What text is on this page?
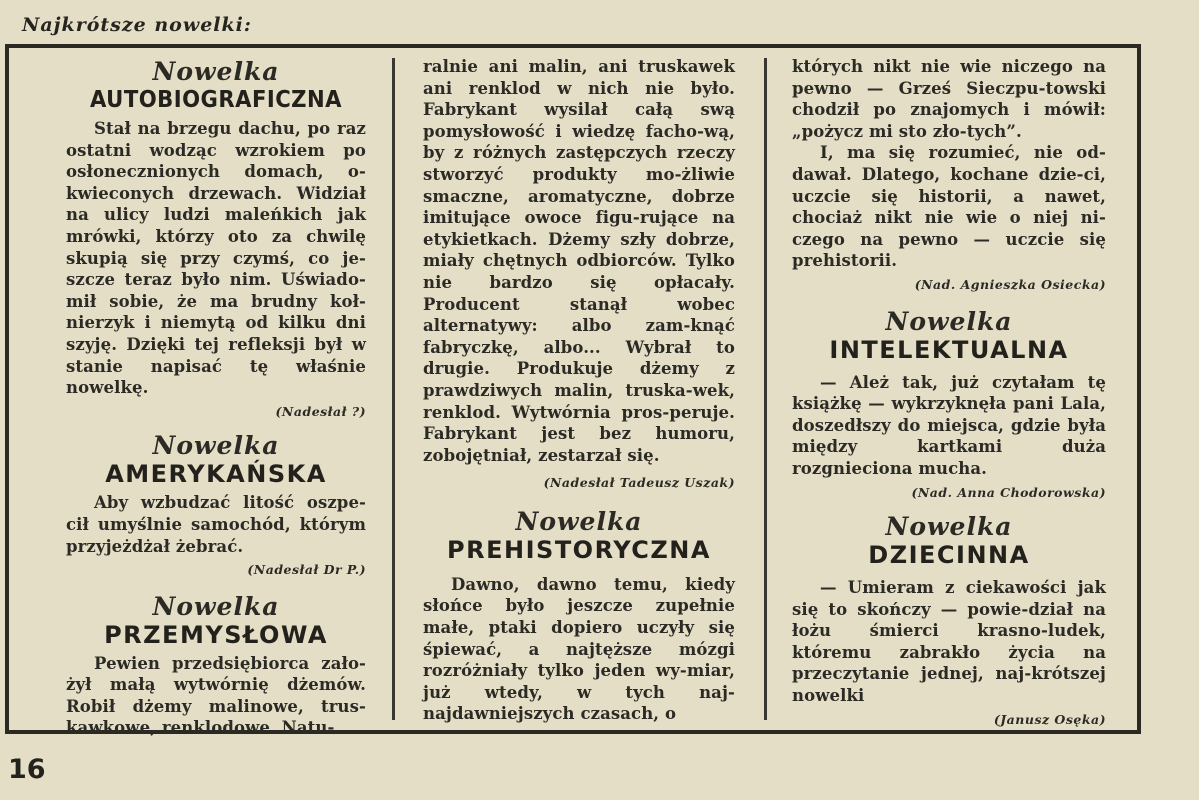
Najkrótsze nowelki:
Nowelka
AUTOBIOGRAFICZNA

Stał na brzegu dachu, po raz ostatni wodząc wzrokiem po osłonecznionych domach, o-kwieconych drzewach. Widział na ulicy ludzi maleńkich jak mrówki, którzy oto za chwilę skupią się przy czymś, co je-szcze teraz było nim. Uświado-mił sobie, że ma brudny koł-nierzyk i niemytą od kilku dni szyję. Dzięki tej refleksji był w stanie napisać tę właśnie nowelkę.

(Nadesłał ?)
Nowelka
AMERYKAŃSKA

Aby wzbudzać litość oszpe-cił umyślnie samochód, którym przyjeżdżał żebrać.

(Nadesłał Dr P.)
Nowelka
PRZEMYSŁOWA

Pewien przedsiębiorca zało-żył małą wytwórnię dżemów. Robił dżemy malinowe, trus-kawkowe, renklodowe. Natu-

ralnie ani malin, ani truskawek ani renklod w nich nie było. Fabrykant wysilał całą swą pomysłowość i wiedzę facho-wą, by z różnych zastępczych rzeczy stworzyć produkty mo-żliwie smaczne, aromatyczne, dobrze imitujące owoce figu-rujące na etykietkach. Dżemy szły dobrze, miały chętnych odbiorców. Tylko nie bardzo się opłacały. Producent stanął wobec alternatywy: albo zam-knąć fabryczkę, albo... Wybrał to drugie. Produkuje dżemy z prawdziwych malin, truska-wek, renklod. Wytwórnia pros-peruje. Fabrykant jest bez humoru, zobojętniał, zestarzał się.

(Nadesłał Tadeusz Uszak)
Nowelka
PREHISTORYCZNA

Dawno, dawno temu, kiedy słońce było jeszcze zupełnie małe, ptaki dopiero uczyły się śpiewać, a najtęższe mózgi rozróżniały tylko jeden wy-miar, już wtedy, w tych naj-najdawniejszych czasach, o

których nikt nie wie niczego na pewno — Grześ Sieczpu-towski chodził po znajomych i mówił: „pożycz mi sto zło-tych”.

I, ma się rozumieć, nie od-dawał. Dlatego, kochane dzie-ci, uczcie się historii, a nawet, chociaż nikt nie wie o niej ni-czego na pewno — uczcie się prehistorii.

(Nad. Agnieszka Osiecka)
Nowelka
INTELEKTUALNA

— Ależ tak, już czytałam tę książkę — wykrzyknęła pani Lala, doszedłszy do miejsca, gdzie była między kartkami duża rozgnieciona mucha.

(Nad. Anna Chodorowska)
Nowelka
DZIECINNA

— Umieram z ciekawości jak się to skończy — powie-dział na łożu śmierci krasno-ludek, któremu zabrakło życia na przeczytanie jednej, naj-krótszej nowelki

(Janusz Osęka)
16
